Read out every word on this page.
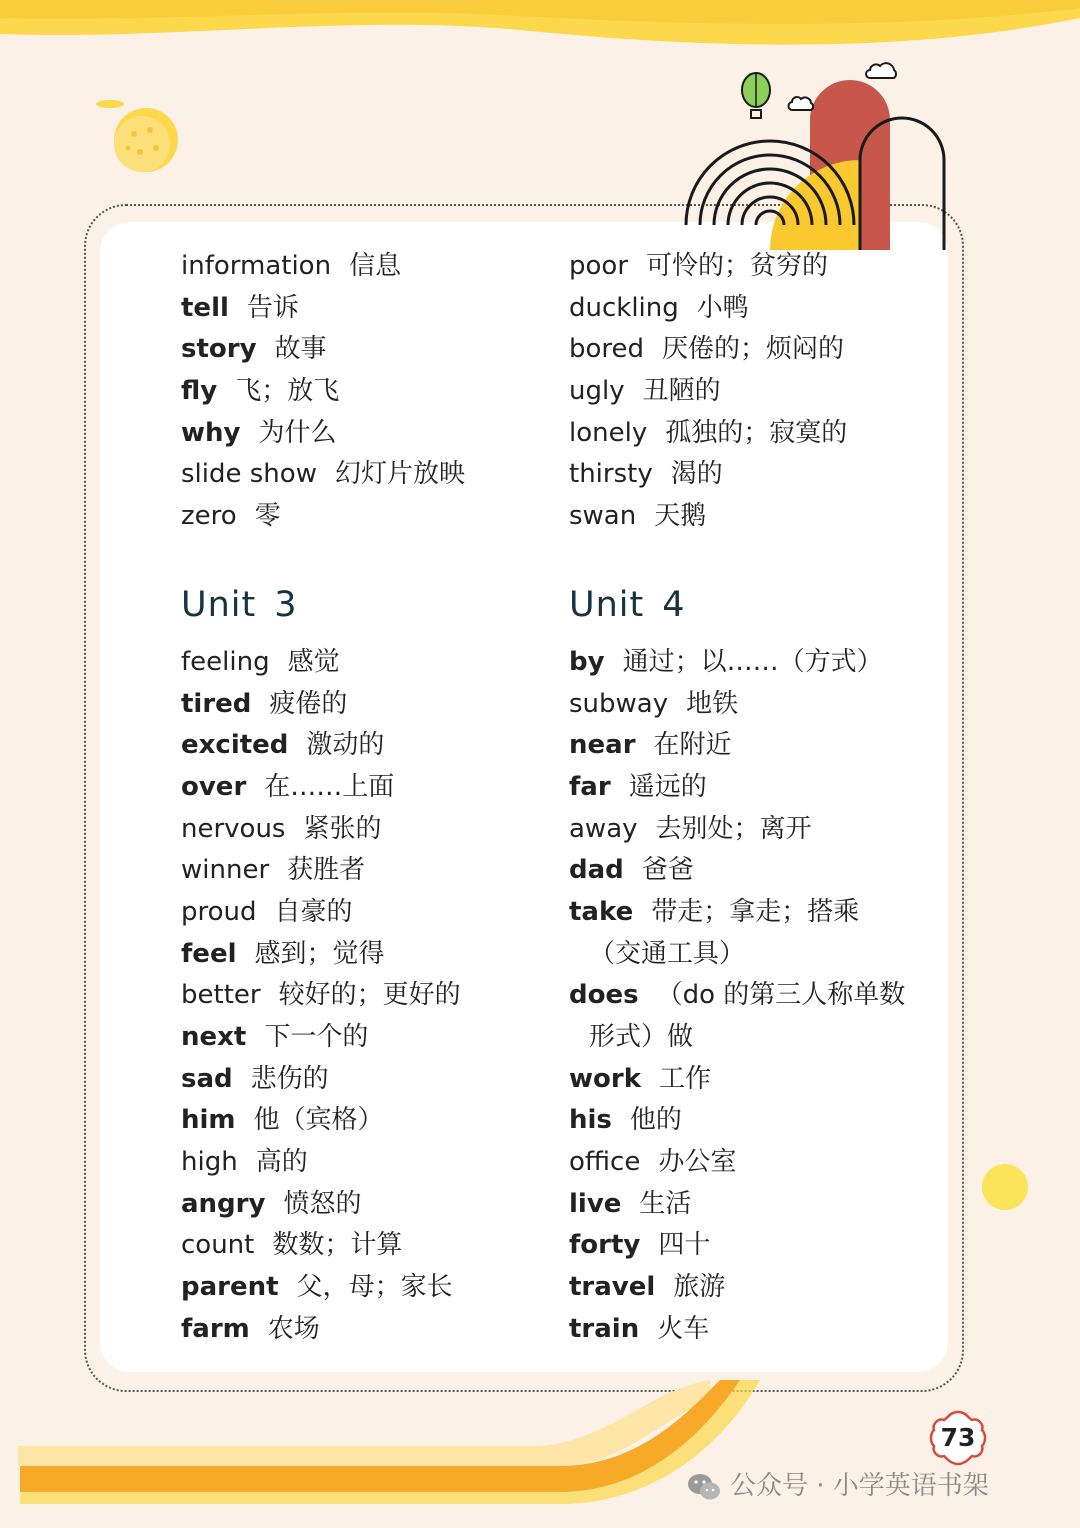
73
information 信息
tell 告诉
story 故事
fly 飞；放飞
why 为什么
slide show 幻灯片放映
zero 零
Unit 3
feeling 感觉
tired 疲倦的
excited 激动的
over 在……上面
nervous 紧张的
winner 获胜者
proud 自豪的
feel 感到；觉得
better 较好的；更好的
next 下一个的
sad 悲伤的
him 他（宾格）
high 高的
angry 愤怒的
count 数数；计算
parent 父，母；家长
farm 农场
poor 可怜的；贫穷的
duckling 小鸭
bored 厌倦的；烦闷的
ugly 丑陋的
lonely 孤独的；寂寞的
thirsty 渴的
swan 天鹅
Unit 4
by 通过；以……（方式）
subway 地铁
near 在附近
far 遥远的
away 去别处；离开
dad 爸爸
take 带走；拿走；搭乘
（交通工具）
does （do 的第三人称单数
形式）做
work 工作
his 他的
office 办公室
live 生活
forty 四十
travel 旅游
train 火车
公众号 · 小学英语书架
